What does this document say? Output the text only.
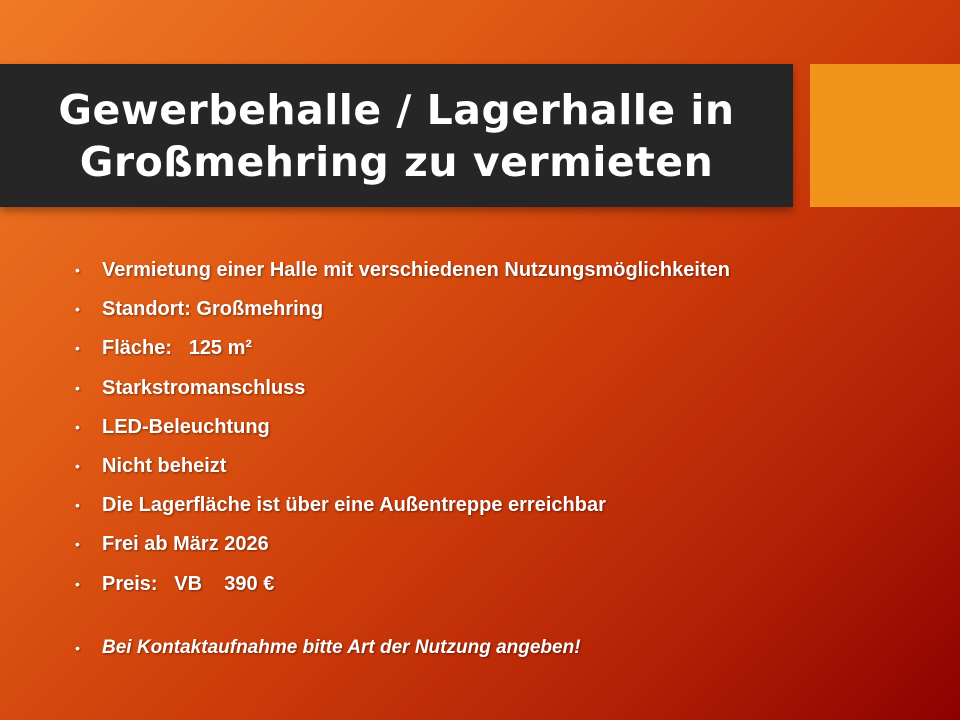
Gewerbehalle / Lagerhalle in
Großmehring zu vermieten
• Vermietung einer Halle mit verschiedenen Nutzungsmöglichkeiten
• Standort: Großmehring
• Fläche:   125 m²
• Starkstromanschluss
• LED-Beleuchtung
• Nicht beheizt
• Die Lagerfläche ist über eine Außentreppe erreichbar
• Frei ab März 2026
• Preis:   VB    390 €
• Bei Kontaktaufnahme bitte Art der Nutzung angeben!
